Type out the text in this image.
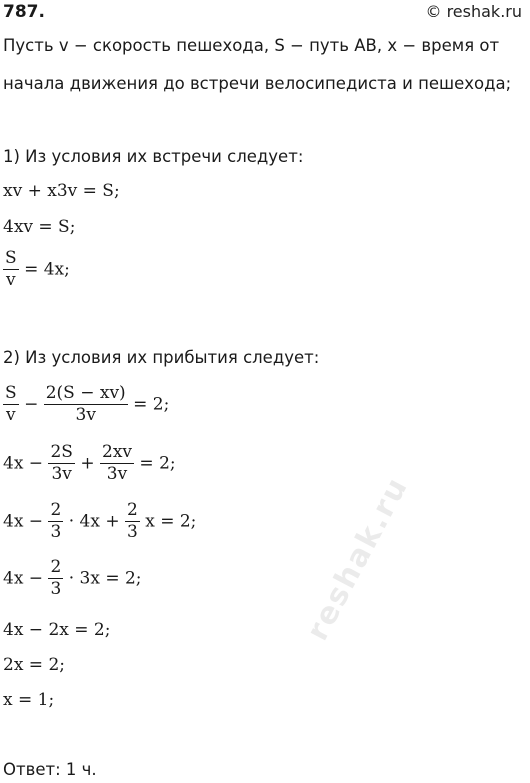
787.	© reshak.ru
reshak.ru
Пусть v − скорость пешехода, S − путь AB, x − время от
начала движения до встречи велосипедиста и пешехода;
1) Из условия их встречи следует:
xv + x3v = S;
4xv = S;
$\frac{S}{v} = 4x$;
2) Из условия их прибытия следует:
$\frac{S}{v} - \frac{2(S - xv)}{3v} = 2$;
$4x - \frac{2S}{3v} + \frac{2xv}{3v} = 2$;
$4x - \frac{2}{3} \cdot 4x + \frac{2}{3}$ x = 2;
$4x - \frac{2}{3} \cdot 3x = 2$;
4x − 2x = 2;
2x = 2;
x = 1;
Ответ: 1 ч.
